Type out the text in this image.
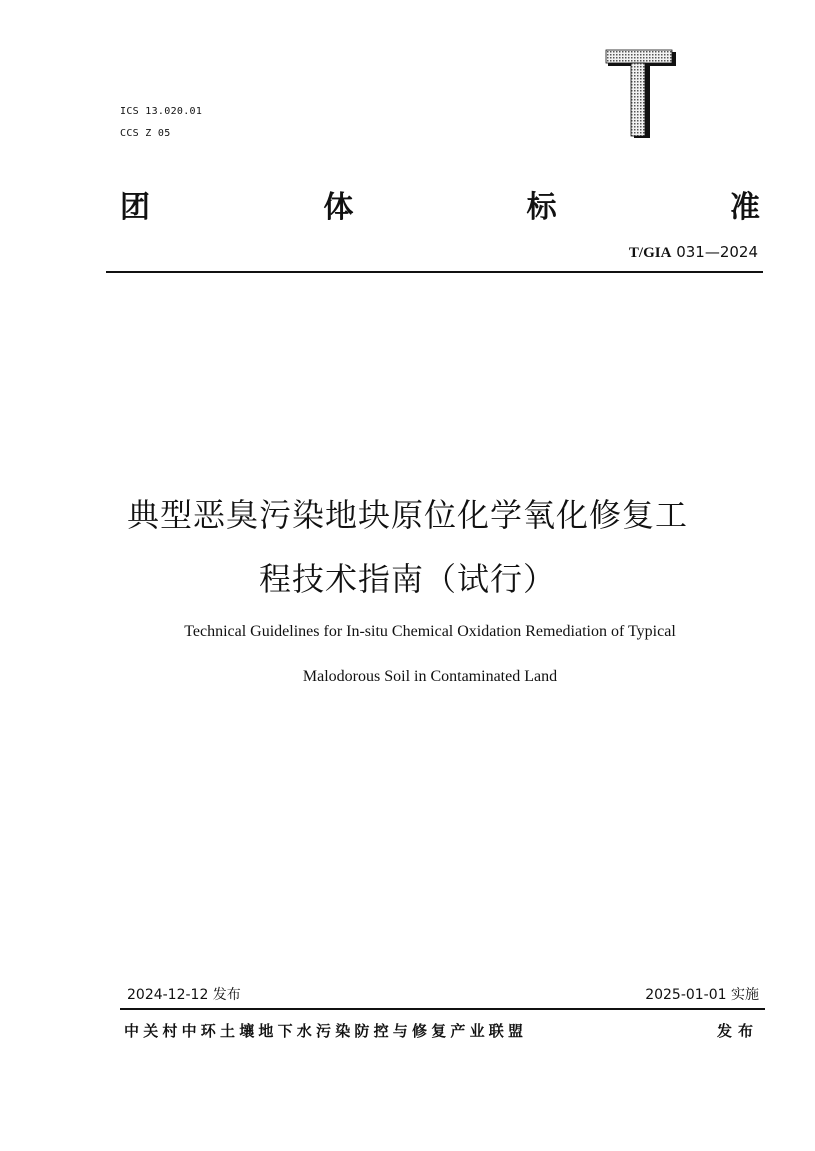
ICS 13.020.01
CCS Z 05
团	体	标	准
T/GIA 031—2024
典型恶臭污染地块原位化学氧化修复工
程技术指南（试行）
Technical Guidelines for In-situ Chemical Oxidation Remediation of Typical
Malodorous Soil in Contaminated Land
2024-12-12 发布	2025-01-01 实施
中关村中环土壤地下水污染防控与修复产业联盟	发布
